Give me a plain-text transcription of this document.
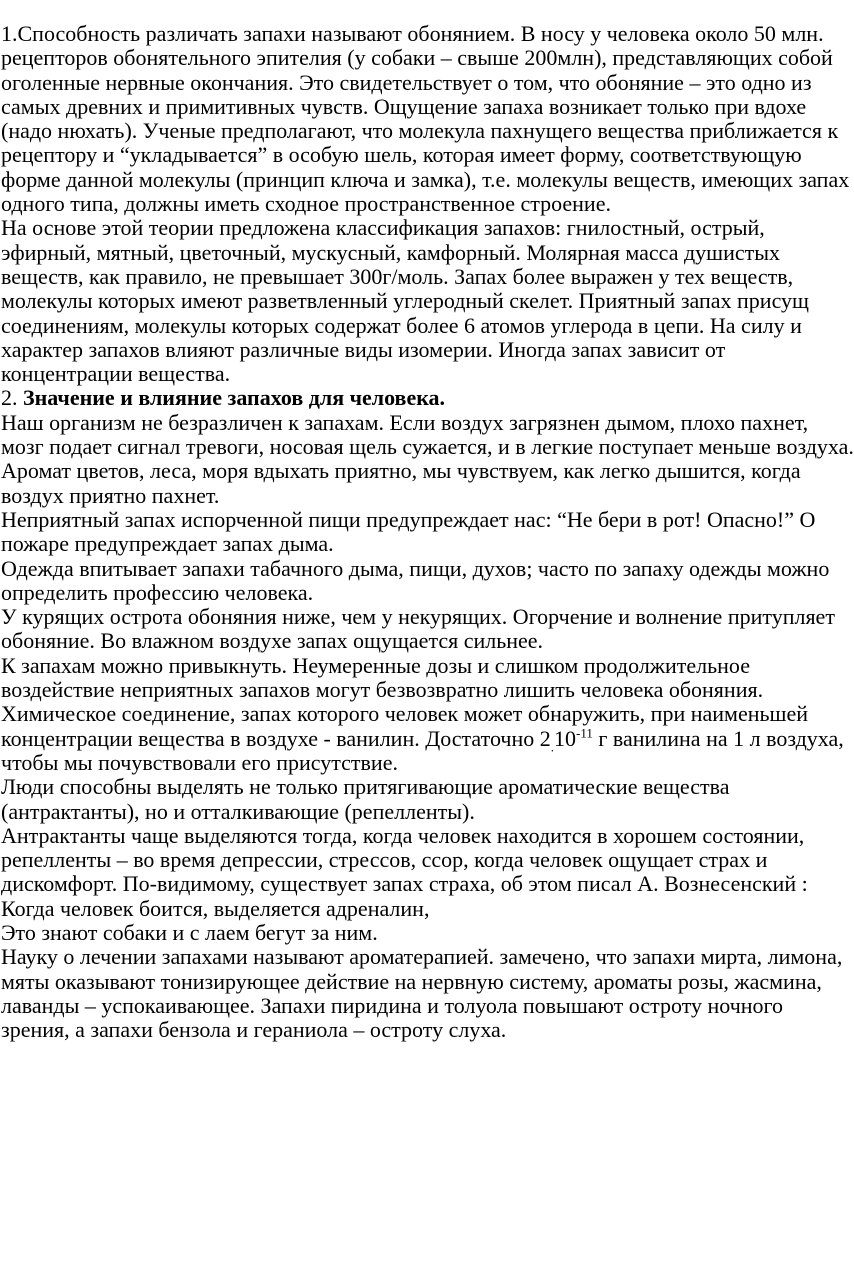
1.Способность различать запахи называют обонянием. В носу у человека около 50 млн.
рецепторов обонятельного эпителия (у собаки – свыше 200млн), представляющих собой
оголенные нервные окончания. Это свидетельствует о том, что обоняние – это одно из
самых древних и примитивных чувств. Ощущение запаха возникает только при вдохе
(надо нюхать). Ученые предполагают, что молекула пахнущего вещества приближается к
рецептору и “укладывается” в особую шель, которая имеет форму, соответствующую
форме данной молекулы (принцип ключа и замка), т.е. молекулы веществ, имеющих запах
одного типа, должны иметь сходное пространственное строение.
На основе этой теории предложена классификация запахов: гнилостный, острый,
эфирный, мятный, цветочный, мускусный, камфорный. Молярная масса душистых
веществ, как правило, не превышает 300г/моль. Запах более выражен у тех веществ,
молекулы которых имеют разветвленный углеродный скелет. Приятный запах присущ
соединениям, молекулы которых содержат более 6 атомов углерода в цепи. На силу и
характер запахов влияют различные виды изомерии. Иногда запах зависит от
концентрации вещества.
2. Значение и влияние запахов для человека.
Наш организм не безразличен к запахам. Если воздух загрязнен дымом, плохо пахнет,
мозг подает сигнал тревоги, носовая щель сужается, и в легкие поступает меньше воздуха.
Аромат цветов, леса, моря вдыхать приятно, мы чувствуем, как легко дышится, когда
воздух приятно пахнет.
Неприятный запах испорченной пищи предупреждает нас: “Не бери в рот! Опасно!” О
пожаре предупреждает запах дыма.
Одежда впитывает запахи табачного дыма, пищи, духов; часто по запаху одежды можно
определить профессию человека.
У курящих острота обоняния ниже, чем у некурящих. Огорчение и волнение притупляет
обоняние. Во влажном воздухе запах ощущается сильнее.
К запахам можно привыкнуть. Неумеренные дозы и слишком продолжительное
воздействие неприятных запахов могут безвозвратно лишить человека обоняния.
Химическое соединение, запах которого человек может обнаружить, при наименьшей
концентрации вещества в воздухе - ванилин. Достаточно $2_.10^{-11}$ г ванилина на 1 л воздуха,
чтобы мы почувствовали его присутствие.
Люди способны выделять не только притягивающие ароматические вещества
(антрактанты), но и отталкивающие (репелленты).
Антрактанты чаще выделяются тогда, когда человек находится в хорошем состоянии,
репелленты – во время депрессии, стрессов, ссор, когда человек ощущает страх и
дискомфорт. По-видимому, существует запах страха, об этом писал А. Вознесенский :
Когда человек боится, выделяется адреналин,
Это знают собаки и с лаем бегут за ним.
Науку о лечении запахами называют ароматерапией. замечено, что запахи мирта, лимона,
мяты оказывают тонизирующее действие на нервную систему, ароматы розы, жасмина,
лаванды – успокаивающее. Запахи пиридина и толуола повышают остроту ночного
зрения, а запахи бензола и гераниола – остроту слуха.
